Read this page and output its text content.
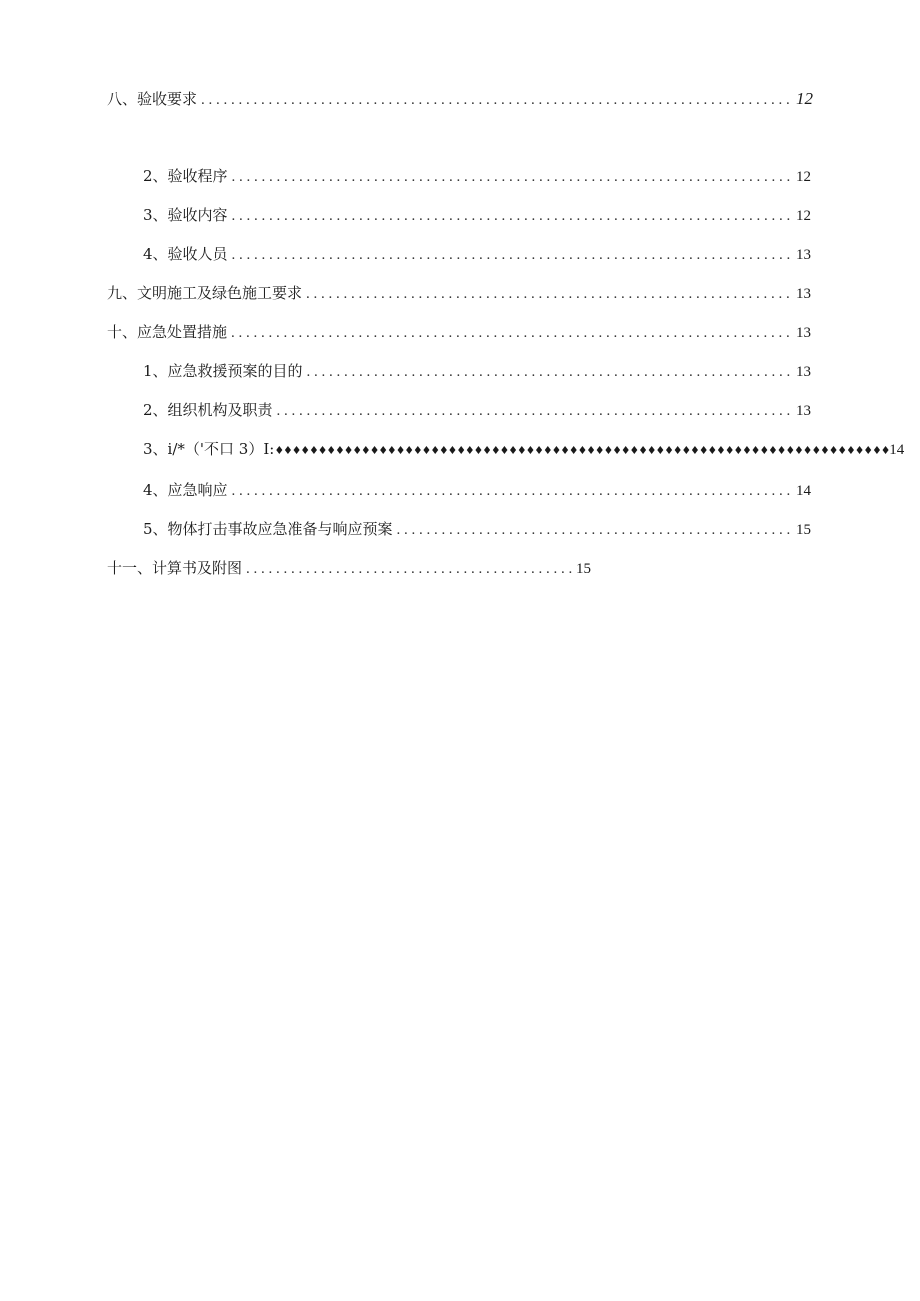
八、验收要求 . . .	12
2、验收程序 . . .	12
3、验收内容 . . .	12
4、验收人员 . . .	13
九、文明施工及绿色施工要求 . . .	13
十、应急处置措施 . . .	13
1、应急救援预案的目的 . . .	13
2、组织机构及职责 . . .	13
3、i/*（'不口 3）I:♦♦♦♦♦♦♦♦♦♦♦♦♦♦♦♦♦♦♦♦♦♦♦♦♦♦♦♦♦♦♦♦♦♦♦♦♦♦♦♦♦♦♦♦♦♦♦♦♦♦♦♦♦♦♦♦♦♦♦♦♦♦♦♦♦♦♦♦♦♦♦14
4、应急响应 . . .	14
5、物体打击事故应急准备与响应预案 . . .	15
十一、计算书及附图 . . .	15
